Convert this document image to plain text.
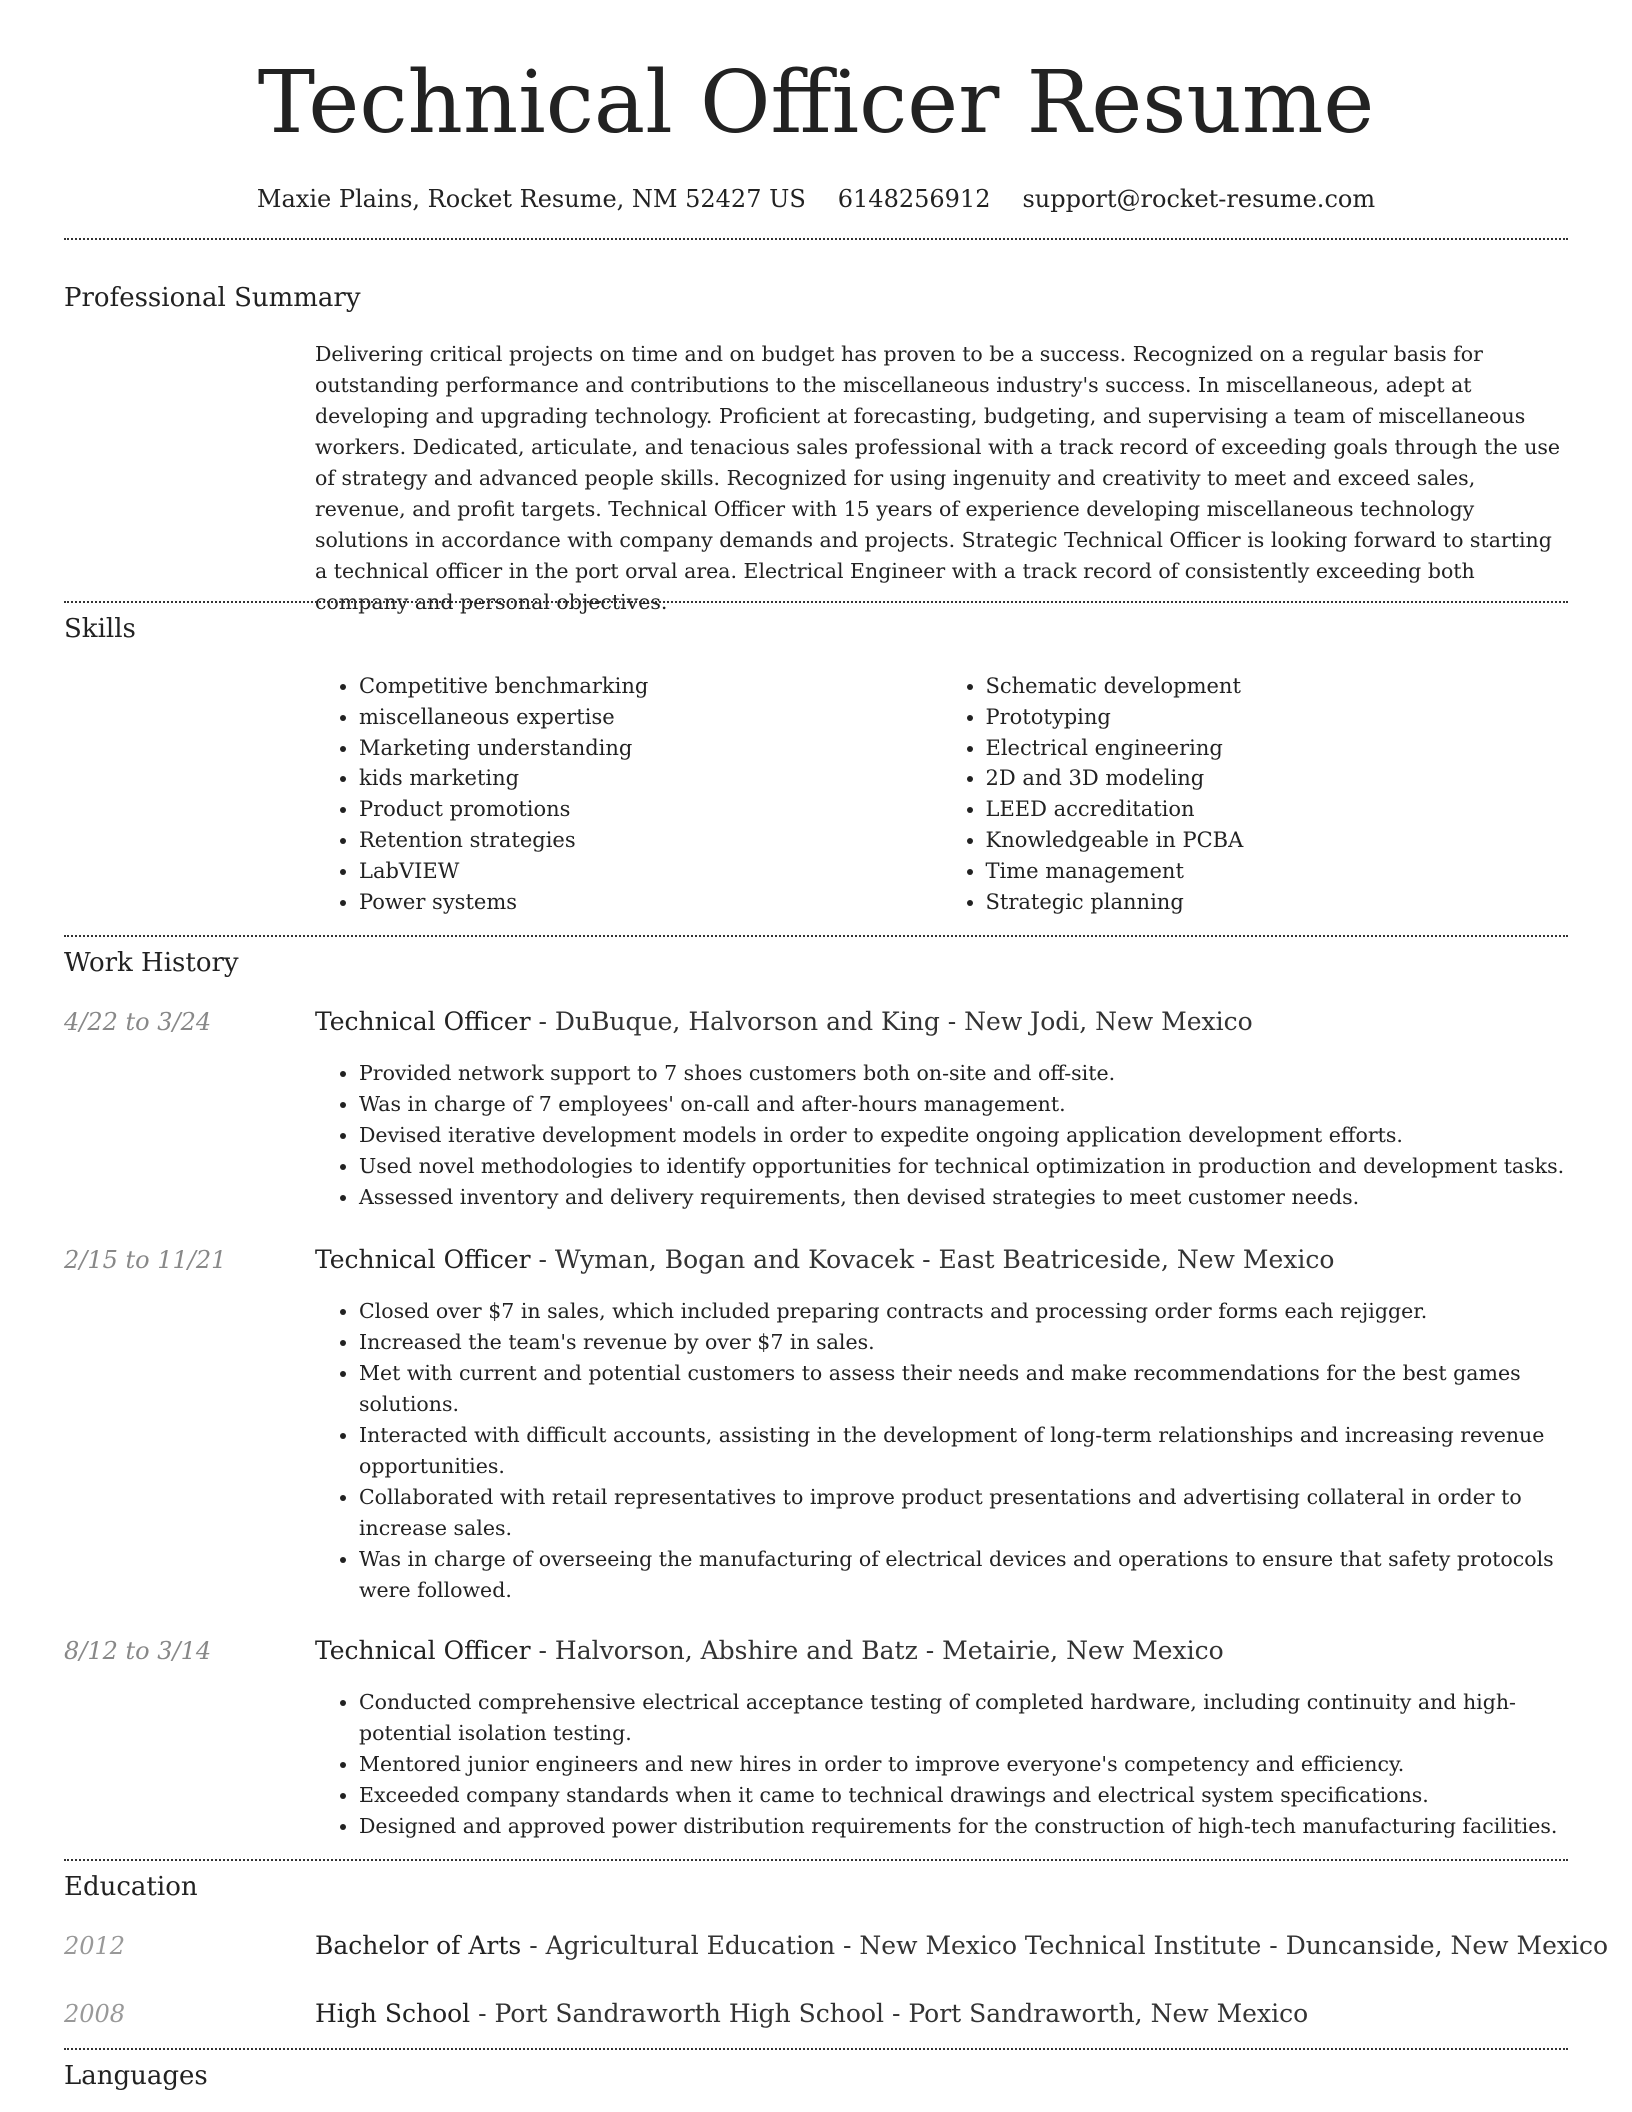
Technical Officer Resume
Maxie Plains, Rocket Resume, NM 52427 US 6148256912 support@rocket-resume.com
Professional Summary
Delivering critical projects on time and on budget has proven to be a success. Recognized on a regular basis for outstanding performance and contributions to the miscellaneous industry's success. In miscellaneous, adept at developing and upgrading technology. Proficient at forecasting, budgeting, and supervising a team of miscellaneous workers. Dedicated, articulate, and tenacious sales professional with a track record of exceeding goals through the use of strategy and advanced people skills. Recognized for using ingenuity and creativity to meet and exceed sales, revenue, and profit targets. Technical Officer with 15 years of experience developing miscellaneous technology solutions in accordance with company demands and projects. Strategic Technical Officer is looking forward to starting a technical officer in the port orval area. Electrical Engineer with a track record of consistently exceeding both company and personal objectives.
Skills
• Competitive benchmarking
• miscellaneous expertise
• Marketing understanding
• kids marketing
• Product promotions
• Retention strategies
• LabVIEW
• Power systems
• Schematic development
• Prototyping
• Electrical engineering
• 2D and 3D modeling
• LEED accreditation
• Knowledgeable in PCBA
• Time management
• Strategic planning
Work History
4/22 to 3/24	Technical Officer - DuBuque, Halvorson and King - New Jodi, New Mexico
• Provided network support to 7 shoes customers both on-site and off-site.
• Was in charge of 7 employees' on-call and after-hours management.
• Devised iterative development models in order to expedite ongoing application development efforts.
• Used novel methodologies to identify opportunities for technical optimization in production and development tasks.
• Assessed inventory and delivery requirements, then devised strategies to meet customer needs.
2/15 to 11/21	Technical Officer - Wyman, Bogan and Kovacek - East Beatriceside, New Mexico
• Closed over $7 in sales, which included preparing contracts and processing order forms each rejigger.
• Increased the team's revenue by over $7 in sales.
• Met with current and potential customers to assess their needs and make recommendations for the best games solutions.
• Interacted with difficult accounts, assisting in the development of long-term relationships and increasing revenue opportunities.
• Collaborated with retail representatives to improve product presentations and advertising collateral in order to increase sales.
• Was in charge of overseeing the manufacturing of electrical devices and operations to ensure that safety protocols were followed.
8/12 to 3/14	Technical Officer - Halvorson, Abshire and Batz - Metairie, New Mexico
• Conducted comprehensive electrical acceptance testing of completed hardware, including continuity and high-potential isolation testing.
• Mentored junior engineers and new hires in order to improve everyone's competency and efficiency.
• Exceeded company standards when it came to technical drawings and electrical system specifications.
• Designed and approved power distribution requirements for the construction of high-tech manufacturing facilities.
Education
2012	Bachelor of Arts - Agricultural Education - New Mexico Technical Institute - Duncanside, New Mexico
2008	High School - Port Sandraworth High School - Port Sandraworth, New Mexico
Languages
